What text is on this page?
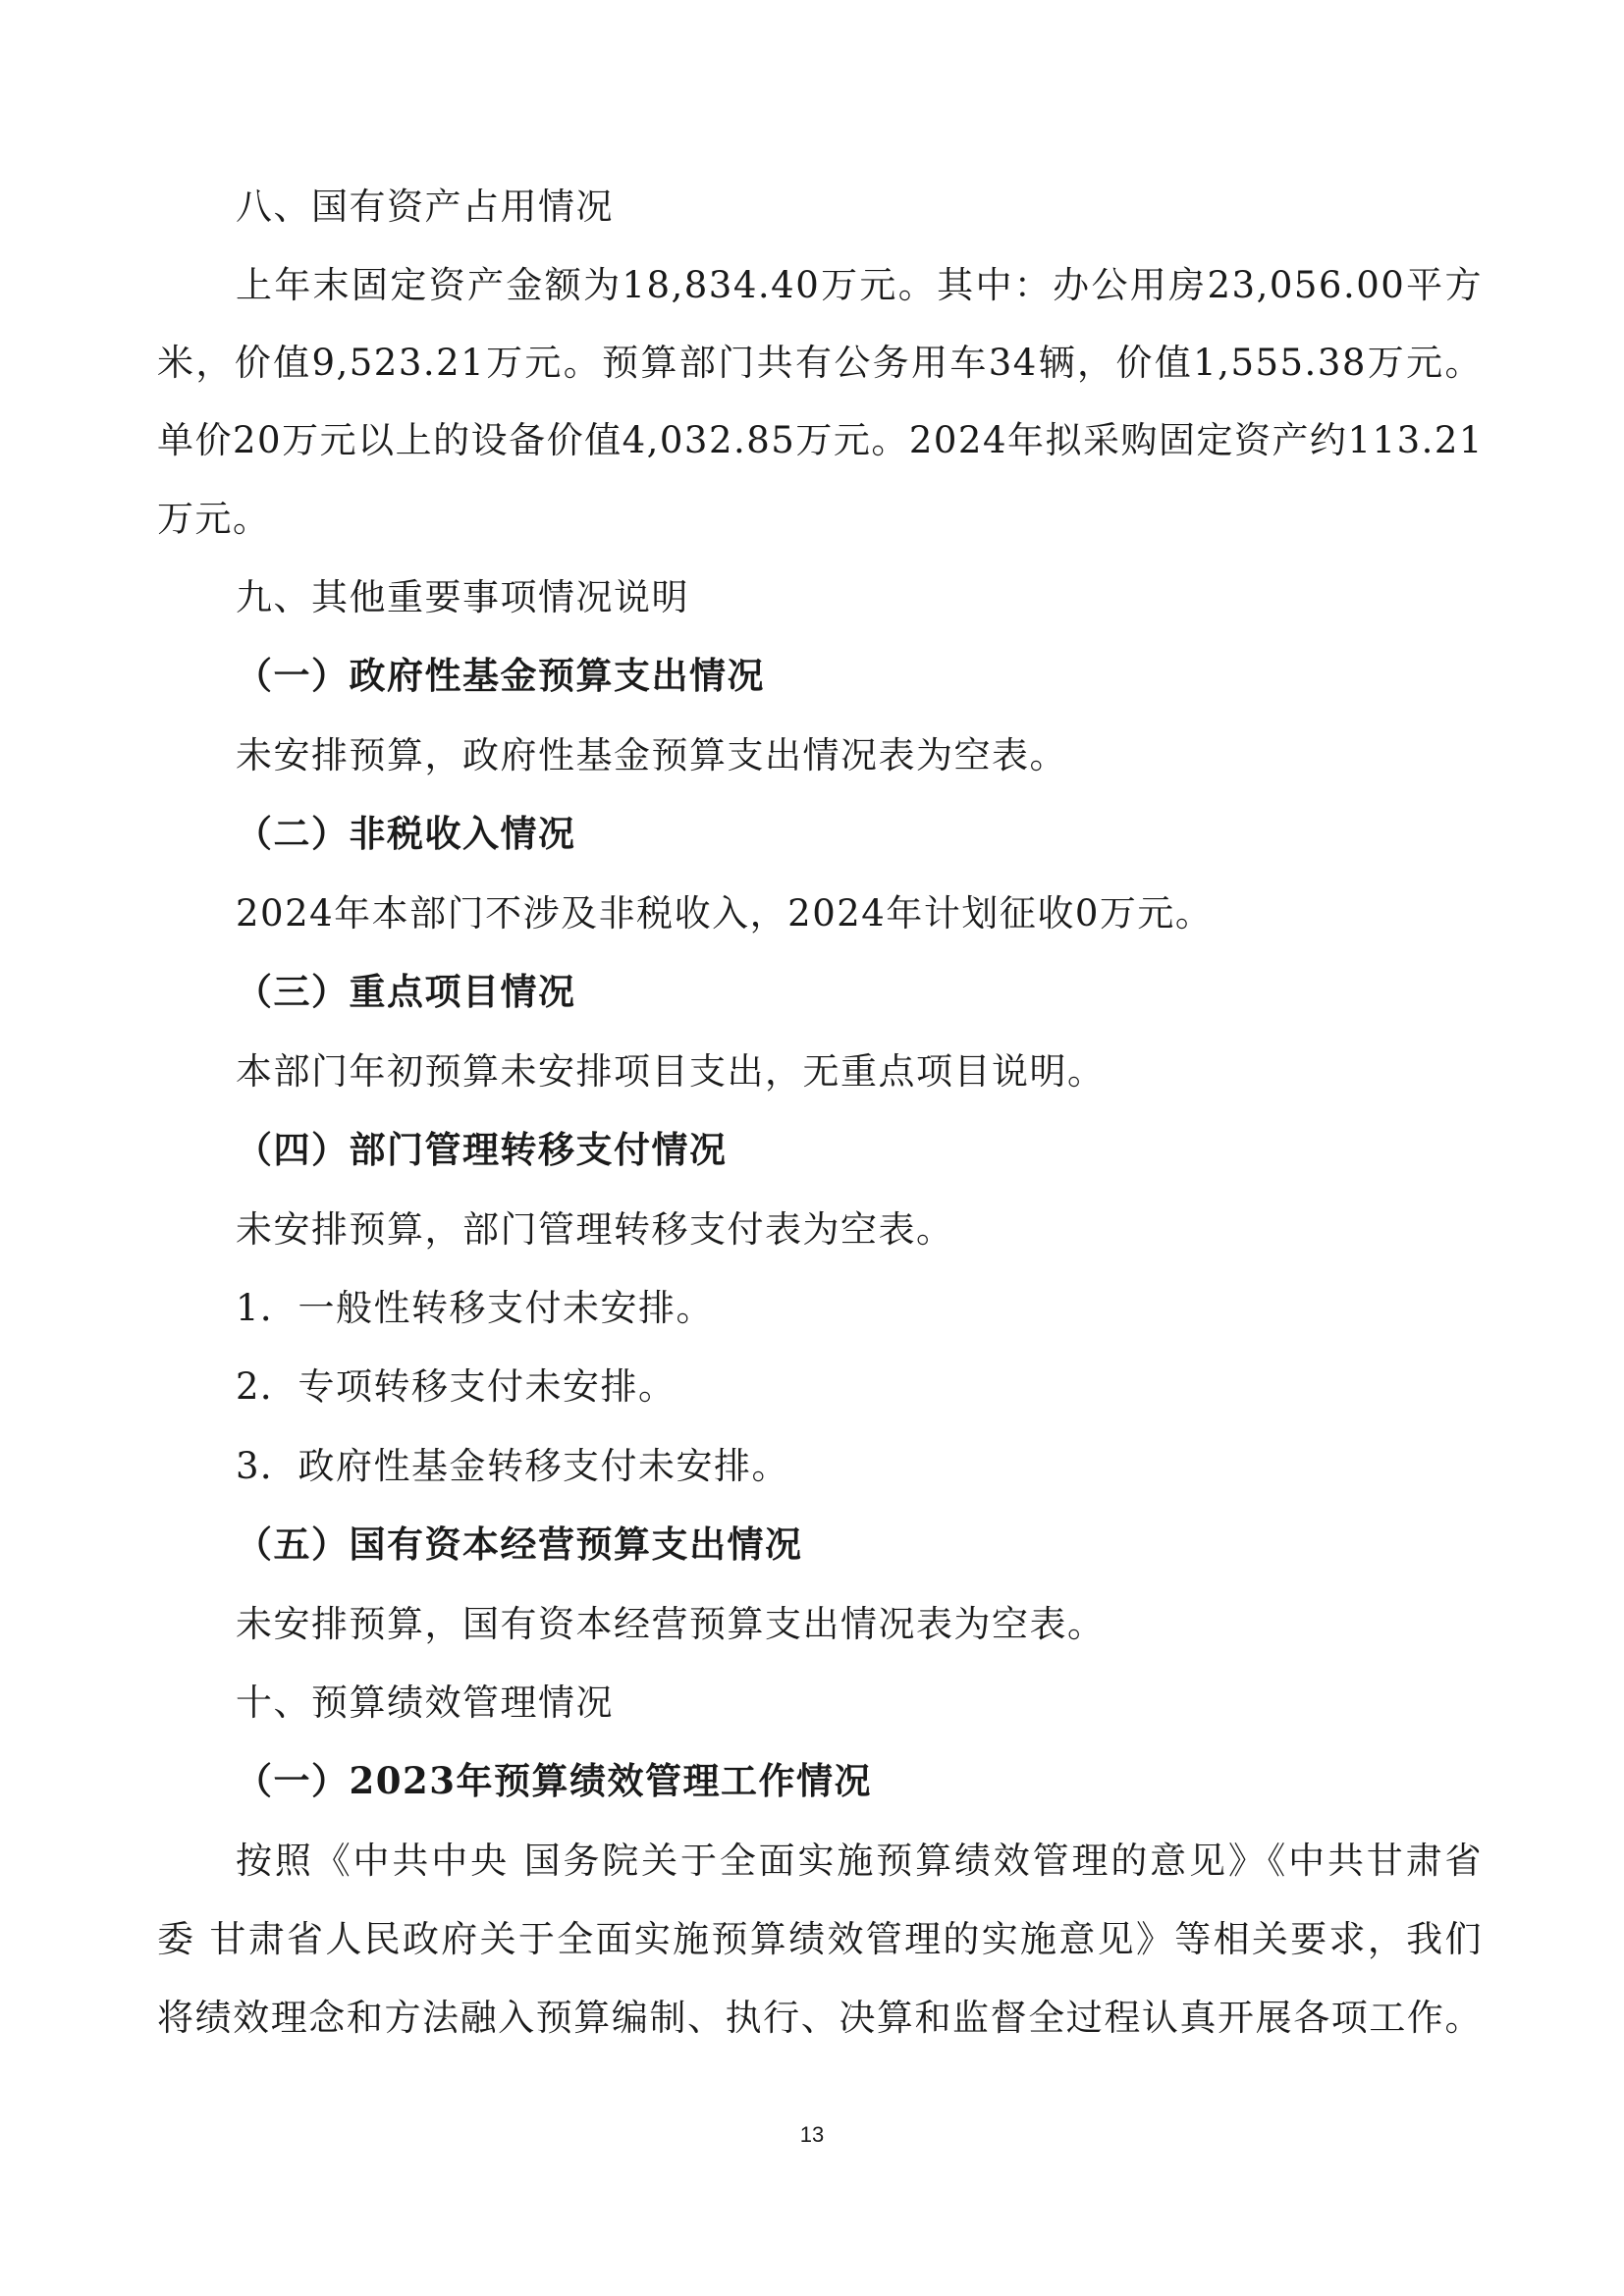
八、国有资产占用情况
上年末固定资产金额为18,834.40万元。其中：办公用房23,056.00平方
米，价值9,523.21万元。预算部门共有公务用车34辆，价值1,555.38万元。
单价20万元以上的设备价值4,032.85万元。2024年拟采购固定资产约113.21
万元。
九、其他重要事项情况说明
（一）政府性基金预算支出情况
未安排预算，政府性基金预算支出情况表为空表。
（二）非税收入情况
2024年本部门不涉及非税收入，2024年计划征收0万元。
（三）重点项目情况
本部门年初预算未安排项目支出，无重点项目说明。
（四）部门管理转移支付情况
未安排预算，部门管理转移支付表为空表。
1．一般性转移支付未安排。
2．专项转移支付未安排。
3．政府性基金转移支付未安排。
（五）国有资本经营预算支出情况
未安排预算，国有资本经营预算支出情况表为空表。
十、预算绩效管理情况
（一）2023年预算绩效管理工作情况
按照《中共中央 国务院关于全面实施预算绩效管理的意见》《中共甘肃省
委 甘肃省人民政府关于全面实施预算绩效管理的实施意见》等相关要求，我们
将绩效理念和方法融入预算编制、执行、决算和监督全过程认真开展各项工作。
13
